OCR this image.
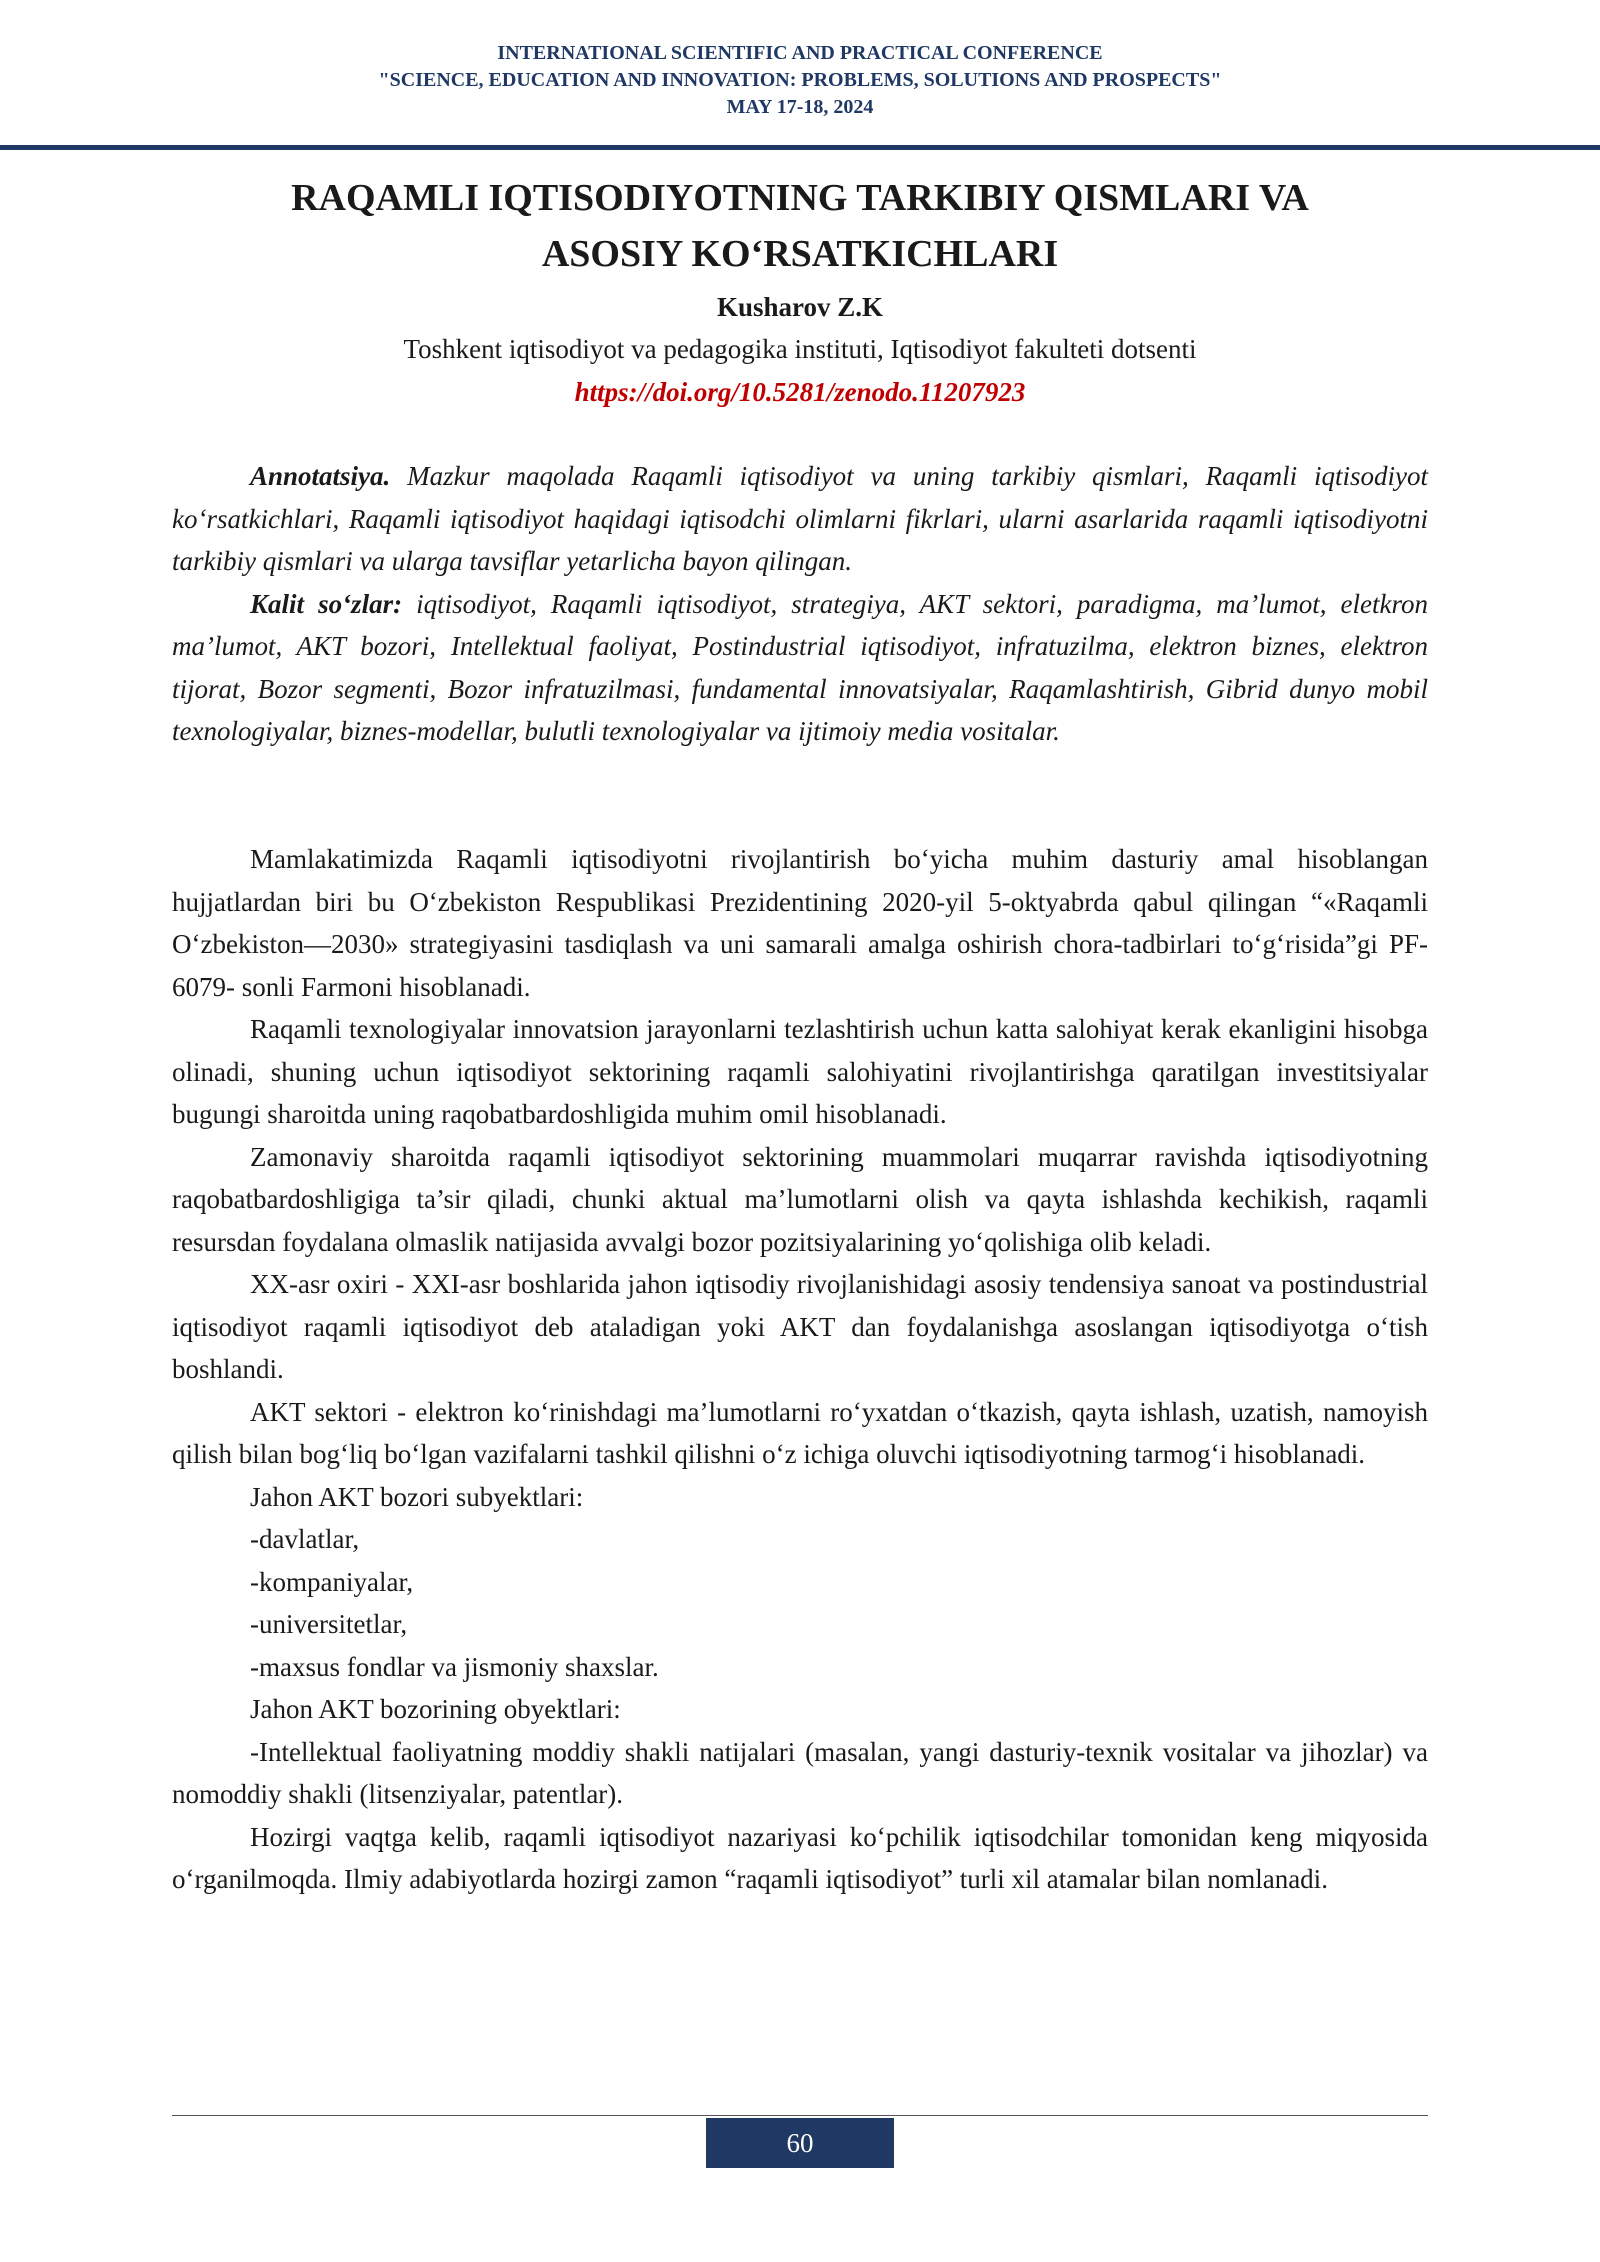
INTERNATIONAL SCIENTIFIC AND PRACTICAL CONFERENCE
"SCIENCE, EDUCATION AND INNOVATION: PROBLEMS, SOLUTIONS AND PROSPECTS"
MAY 17-18, 2024
RAQAMLI IQTISODIYOTNING TARKIBIY QISMLARI VA
ASOSIY KO‘RSATKICHLARI
Kusharov Z.K
Toshkent iqtisodiyot va pedagogika instituti, Iqtisodiyot fakulteti dotsenti
https://doi.org/10.5281/zenodo.11207923

Annotatsiya. Mazkur maqolada Raqamli iqtisodiyot va uning tarkibiy qismlari, Raqamli iqtisodiyot ko‘rsatkichlari, Raqamli iqtisodiyot haqidagi iqtisodchi olimlarni fikrlari, ularni asarlarida raqamli iqtisodiyotni tarkibiy qismlari va ularga tavsiflar yetarlicha bayon qilingan.

Kalit so‘zlar: iqtisodiyot, Raqamli iqtisodiyot, strategiya, AKT sektori, paradigma, ma’lumot, eletkron ma’lumot, AKT bozori, Intellektual faoliyat, Postindustrial iqtisodiyot, infratuzilma, elektron biznes, elektron tijorat, Bozor segmenti, Bozor infratuzilmasi, fundamental innovatsiyalar, Raqamlashtirish, Gibrid dunyo mobil texnologiyalar, biznes-modellar, bulutli texnologiyalar va ijtimoiy media vositalar.

Mamlakatimizda Raqamli iqtisodiyotni rivojlantirish bo‘yicha muhim dasturiy amal hisoblangan hujjatlardan biri bu O‘zbekiston Respublikasi Prezidentining 2020-yil 5-oktyabrda qabul qilingan “«Raqamli O‘zbekiston—2030» strategiyasini tasdiqlash va uni samarali amalga oshirish chora-tadbirlari to‘g‘risida”gi PF-6079- sonli Farmoni hisoblanadi.

Raqamli texnologiyalar innovatsion jarayonlarni tezlashtirish uchun katta salohiyat kerak ekanligini hisobga olinadi, shuning uchun iqtisodiyot sektorining raqamli salohiyatini rivojlantirishga qaratilgan investitsiyalar bugungi sharoitda uning raqobatbardoshligida muhim omil hisoblanadi.

Zamonaviy sharoitda raqamli iqtisodiyot sektorining muammolari muqarrar ravishda iqtisodiyotning raqobatbardoshligiga ta’sir qiladi, chunki aktual ma’lumotlarni olish va qayta ishlashda kechikish, raqamli resursdan foydalana olmaslik natijasida avvalgi bozor pozitsiyalarining yo‘qolishiga olib keladi.

XX-asr oxiri - XXI-asr boshlarida jahon iqtisodiy rivojlanishidagi asosiy tendensiya sanoat va postindustrial iqtisodiyot raqamli iqtisodiyot deb ataladigan yoki AKT dan foydalanishga asoslangan iqtisodiyotga o‘tish boshlandi.

AKT sektori - elektron ko‘rinishdagi ma’lumotlarni ro‘yxatdan o‘tkazish, qayta ishlash, uzatish, namoyish qilish bilan bog‘liq bo‘lgan vazifalarni tashkil qilishni o‘z ichiga oluvchi iqtisodiyotning tarmog‘i hisoblanadi.

Jahon AKT bozori subyektlari:

-davlatlar,

-kompaniyalar,

-universitetlar,

-maxsus fondlar va jismoniy shaxslar.

Jahon AKT bozorining obyektlari:

-Intellektual faoliyatning moddiy shakli natijalari (masalan, yangi dasturiy-texnik vositalar va jihozlar) va nomoddiy shakli (litsenziyalar, patentlar).

Hozirgi vaqtga kelib, raqamli iqtisodiyot nazariyasi ko‘pchilik iqtisodchilar tomonidan keng miqyosida o‘rganilmoqda. Ilmiy adabiyotlarda hozirgi zamon “raqamli iqtisodiyot” turli xil atamalar bilan nomlanadi.

60
